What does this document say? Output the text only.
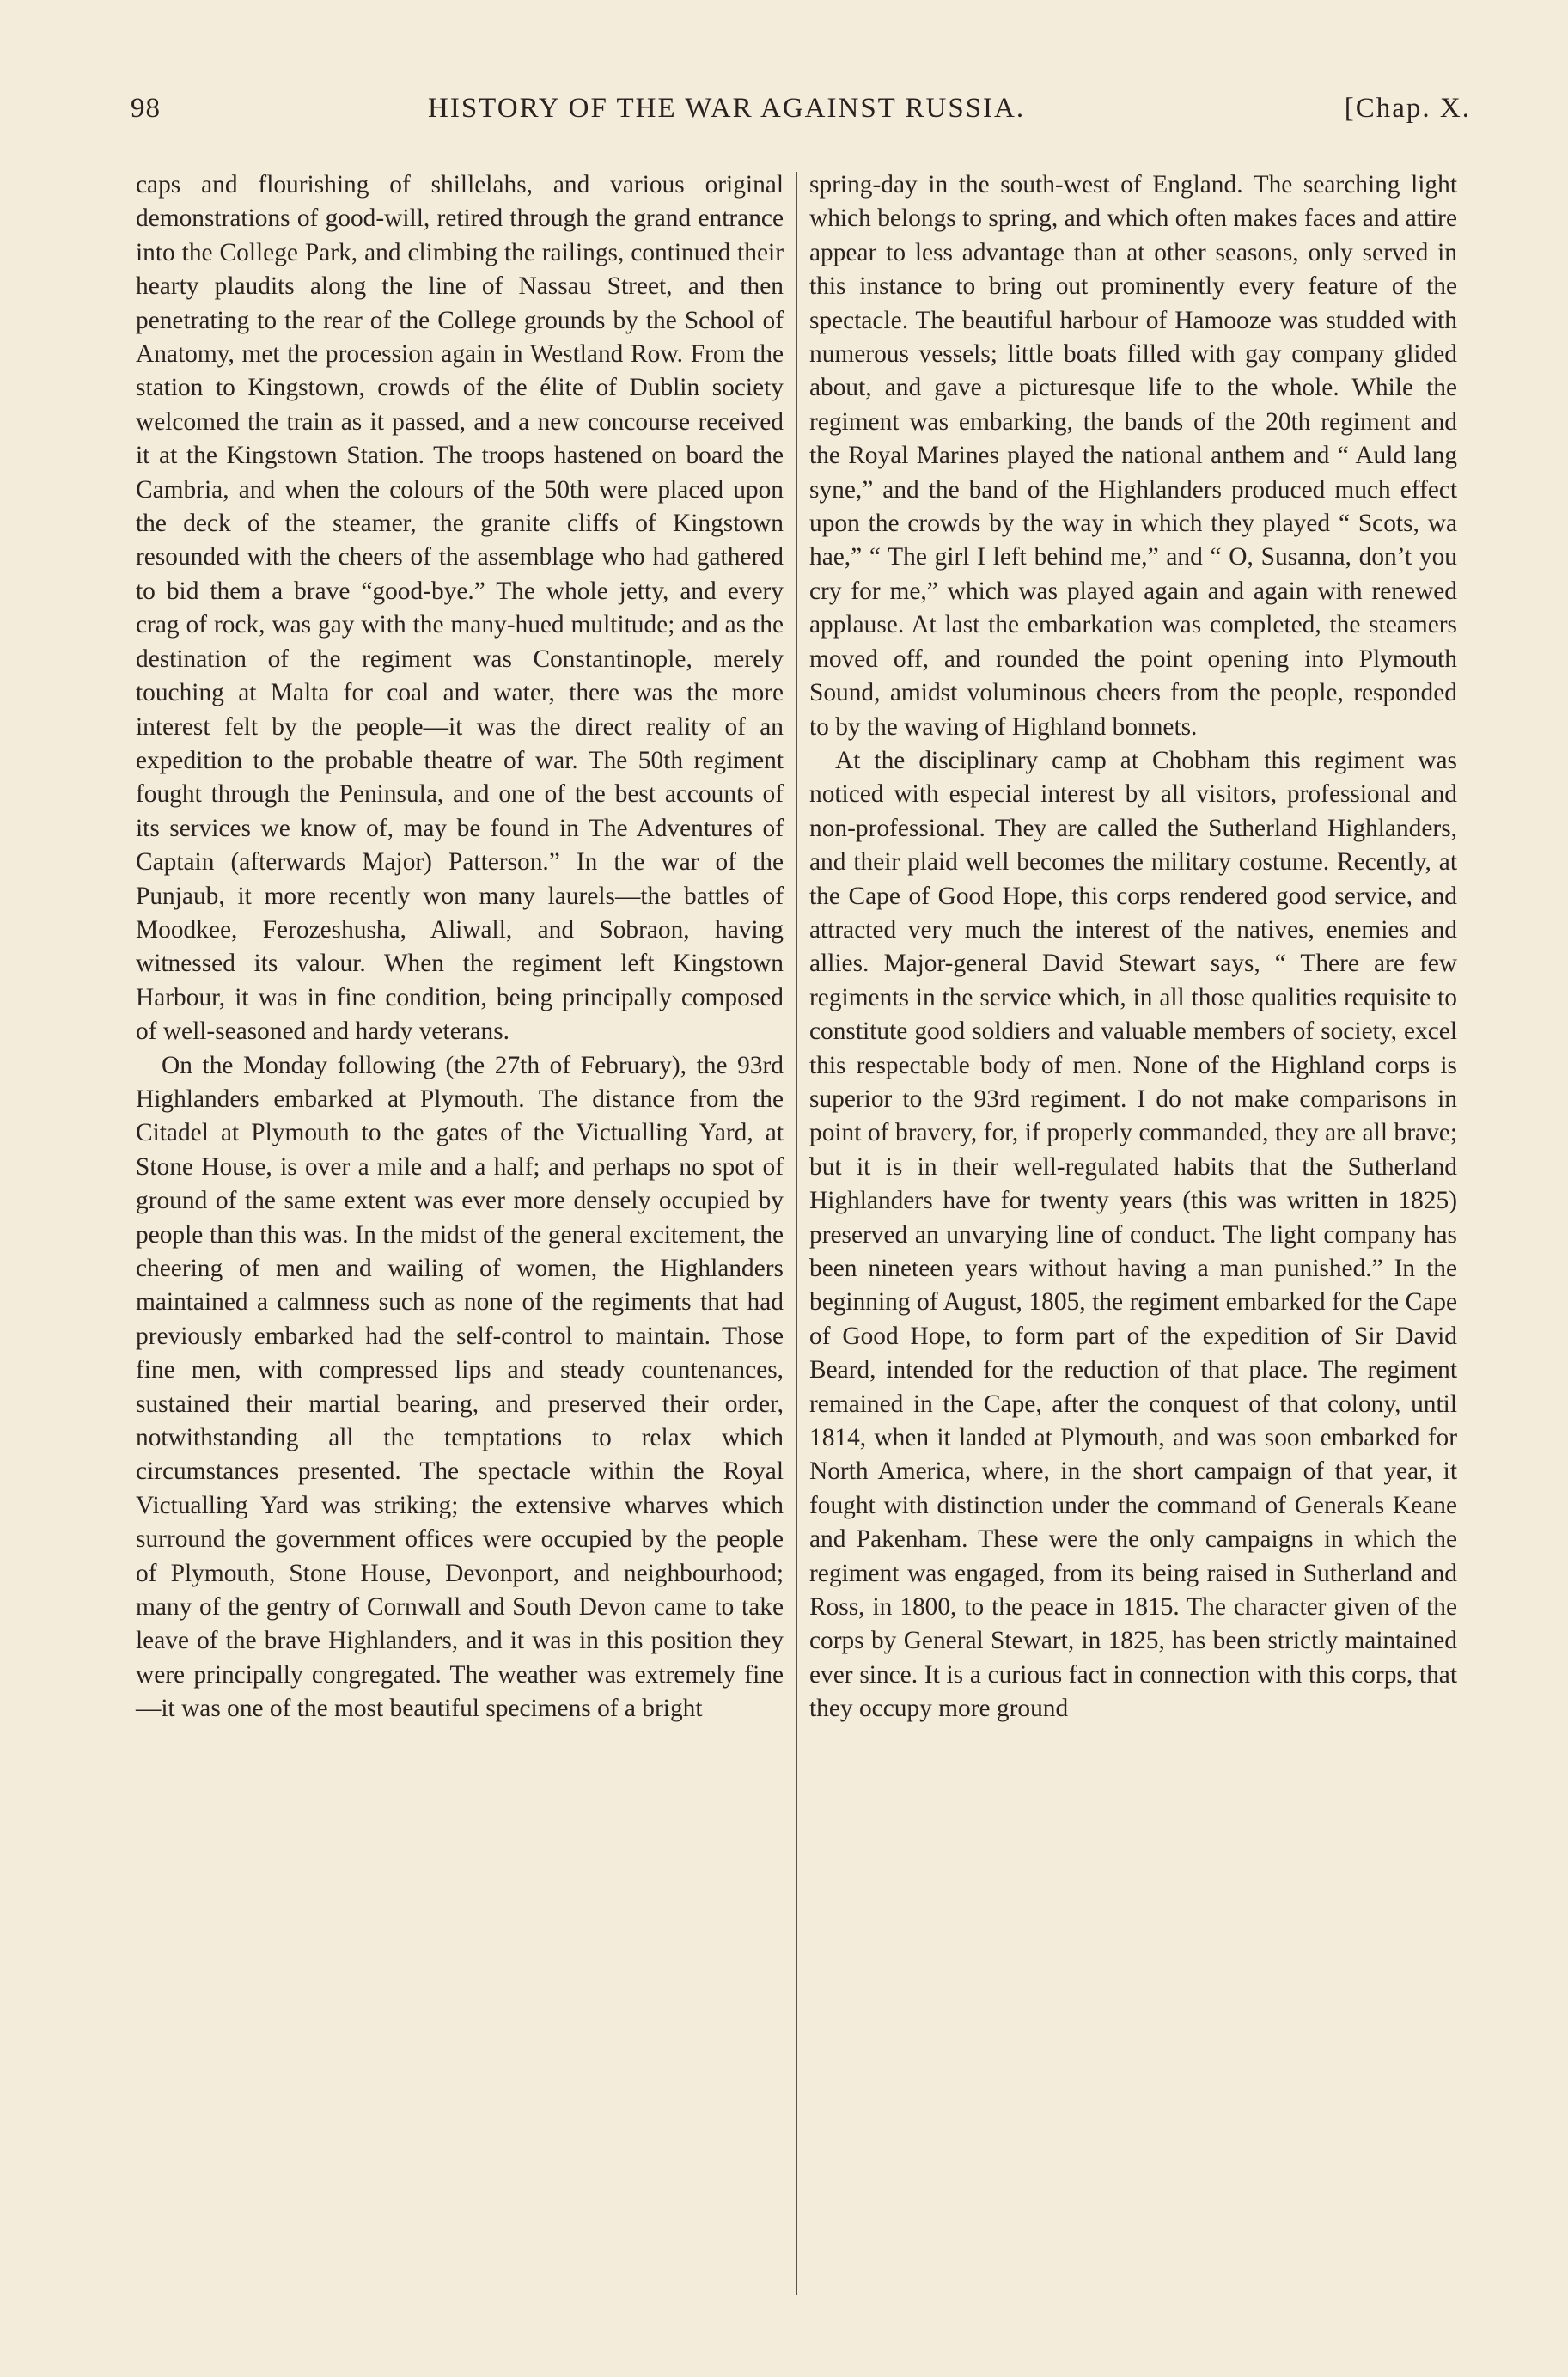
98	HISTORY OF THE WAR AGAINST RUSSIA.	[Chap. X.

caps and flourishing of shillelahs, and various original demonstrations of good-will, retired through the grand entrance into the College Park, and climbing the railings, continued their hearty plaudits along the line of Nassau Street, and then penetrating to the rear of the College grounds by the School of Anatomy, met the procession again in Westland Row. From the station to Kingstown, crowds of the élite of Dublin society welcomed the train as it passed, and a new concourse received it at the Kingstown Station. The troops hastened on board the Cambria, and when the colours of the 50th were placed upon the deck of the steamer, the granite cliffs of Kingstown resounded with the cheers of the assemblage who had gathered to bid them a brave “good-bye.” The whole jetty, and every crag of rock, was gay with the many-hued multitude; and as the destination of the regiment was Constantinople, merely touching at Malta for coal and water, there was the more interest felt by the people—it was the direct reality of an expedition to the probable theatre of war. The 50th regiment fought through the Peninsula, and one of the best accounts of its services we know of, may be found in The Adventures of Captain (afterwards Major) Patterson.” In the war of the Punjaub, it more recently won many laurels—the battles of Moodkee, Ferozeshusha, Aliwall, and Sobraon, having witnessed its valour. When the regiment left Kingstown Harbour, it was in fine condition, being principally composed of well-seasoned and hardy veterans.

On the Monday following (the 27th of February), the 93rd Highlanders embarked at Plymouth. The distance from the Citadel at Plymouth to the gates of the Victualling Yard, at Stone House, is over a mile and a half; and perhaps no spot of ground of the same extent was ever more densely occupied by people than this was. In the midst of the general excitement, the cheering of men and wailing of women, the Highlanders maintained a calmness such as none of the regiments that had previously embarked had the self-control to maintain. Those fine men, with compressed lips and steady countenances, sustained their martial bearing, and preserved their order, notwithstanding all the temptations to relax which circumstances presented. The spectacle within the Royal Victualling Yard was striking; the extensive wharves which surround the government offices were occupied by the people of Plymouth, Stone House, Devonport, and neighbourhood; many of the gentry of Cornwall and South Devon came to take leave of the brave Highlanders, and it was in this position they were principally congregated. The weather was extremely fine—it was one of the most beautiful specimens of a bright

spring-day in the south-west of England. The searching light which belongs to spring, and which often makes faces and attire appear to less advantage than at other seasons, only served in this instance to bring out prominently every feature of the spectacle. The beautiful harbour of Hamooze was studded with numerous vessels; little boats filled with gay company glided about, and gave a picturesque life to the whole. While the regiment was embarking, the bands of the 20th regiment and the Royal Marines played the national anthem and “ Auld lang syne,” and the band of the Highlanders produced much effect upon the crowds by the way in which they played “ Scots, wa hae,” “ The girl I left behind me,” and “ O, Susanna, don’t you cry for me,” which was played again and again with renewed applause. At last the embarkation was completed, the steamers moved off, and rounded the point opening into Plymouth Sound, amidst voluminous cheers from the people, responded to by the waving of Highland bonnets.

At the disciplinary camp at Chobham this regiment was noticed with especial interest by all visitors, professional and non-professional. They are called the Sutherland Highlanders, and their plaid well becomes the military costume. Recently, at the Cape of Good Hope, this corps rendered good service, and attracted very much the interest of the natives, enemies and allies. Major-general David Stewart says, “ There are few regiments in the service which, in all those qualities requisite to constitute good soldiers and valuable members of society, excel this respectable body of men. None of the Highland corps is superior to the 93rd regiment. I do not make comparisons in point of bravery, for, if properly commanded, they are all brave; but it is in their well-regulated habits that the Sutherland Highlanders have for twenty years (this was written in 1825) preserved an unvarying line of conduct. The light company has been nineteen years without having a man punished.” In the beginning of August, 1805, the regiment embarked for the Cape of Good Hope, to form part of the expedition of Sir David Beard, intended for the reduction of that place. The regiment remained in the Cape, after the conquest of that colony, until 1814, when it landed at Plymouth, and was soon embarked for North America, where, in the short campaign of that year, it fought with distinction under the command of Generals Keane and Pakenham. These were the only campaigns in which the regiment was engaged, from its being raised in Sutherland and Ross, in 1800, to the peace in 1815. The character given of the corps by General Stewart, in 1825, has been strictly maintained ever since. It is a curious fact in connection with this corps, that they occupy more ground
